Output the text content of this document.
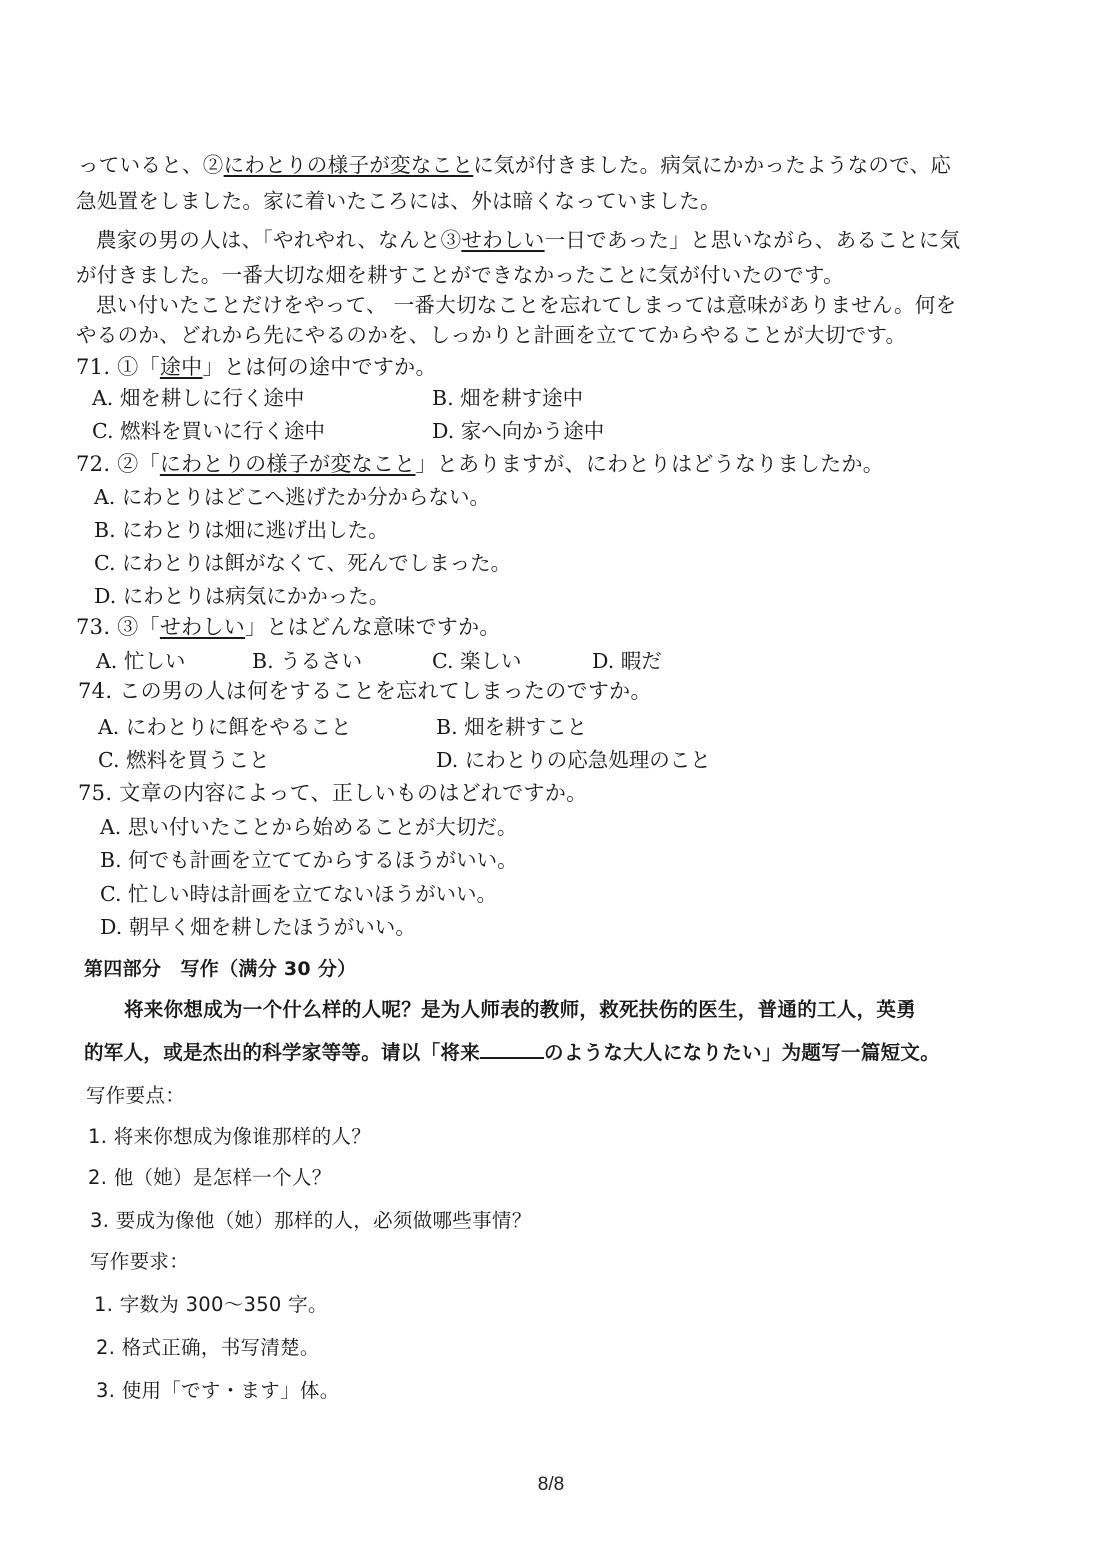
っていると、②にわとりの様子が変なことに気が付きました。病気にかかったようなので、応

急処置をしました。家に着いたころには、外は暗くなっていました。

農家の男の人は、「やれやれ、なんと③せわしい一日であった」と思いながら、あることに気

が付きました。一番大切な畑を耕すことができなかったことに気が付いたのです。

思い付いたことだけをやって、 一番大切なことを忘れてしまっては意味がありません。何を

やるのか、どれから先にやるのかを、しっかりと計画を立ててからやることが大切です。

71. ①「途中」とは何の途中ですか。

A. 畑を耕しに行く途中	B. 畑を耕す途中
C. 燃料を買いに行く途中	D. 家へ向かう途中

72. ②「にわとりの様子が変なこと」とありますが、にわとりはどうなりましたか。

A. にわとりはどこへ逃げたか分からない。
B. にわとりは畑に逃げ出した。
C. にわとりは餌がなくて、死んでしまった。
D. にわとりは病気にかかった。

73. ③「せわしい」とはどんな意味ですか。

A. 忙しい	B. うるさい	C. 楽しい	D. 暇だ

74. この男の人は何をすることを忘れてしまったのですか。

A. にわとりに餌をやること	B. 畑を耕すこと
C. 燃料を買うこと	D. にわとりの応急処理のこと

75. 文章の内容によって、正しいものはどれですか。

A. 思い付いたことから始めることが大切だ。
B. 何でも計画を立ててからするほうがいい。
C. 忙しい時は計画を立てないほうがいい。
D. 朝早く畑を耕したほうがいい。

第四部分　写作（满分 30 分）

将来你想成为一个什么样的人呢？是为人师表的教师，救死扶伤的医生，普通的工人，英勇

的军人，或是杰出的科学家等等。请以「将来	のような大人になりたい」为题写一篇短文。

写作要点：

1. 将来你想成为像谁那样的人？

2. 他（她）是怎样一个人？

3. 要成为像他（她）那样的人，必须做哪些事情？

写作要求：

1. 字数为 300～350 字。

2. 格式正确，书写清楚。

3. 使用「です・ます」体。

8/8
